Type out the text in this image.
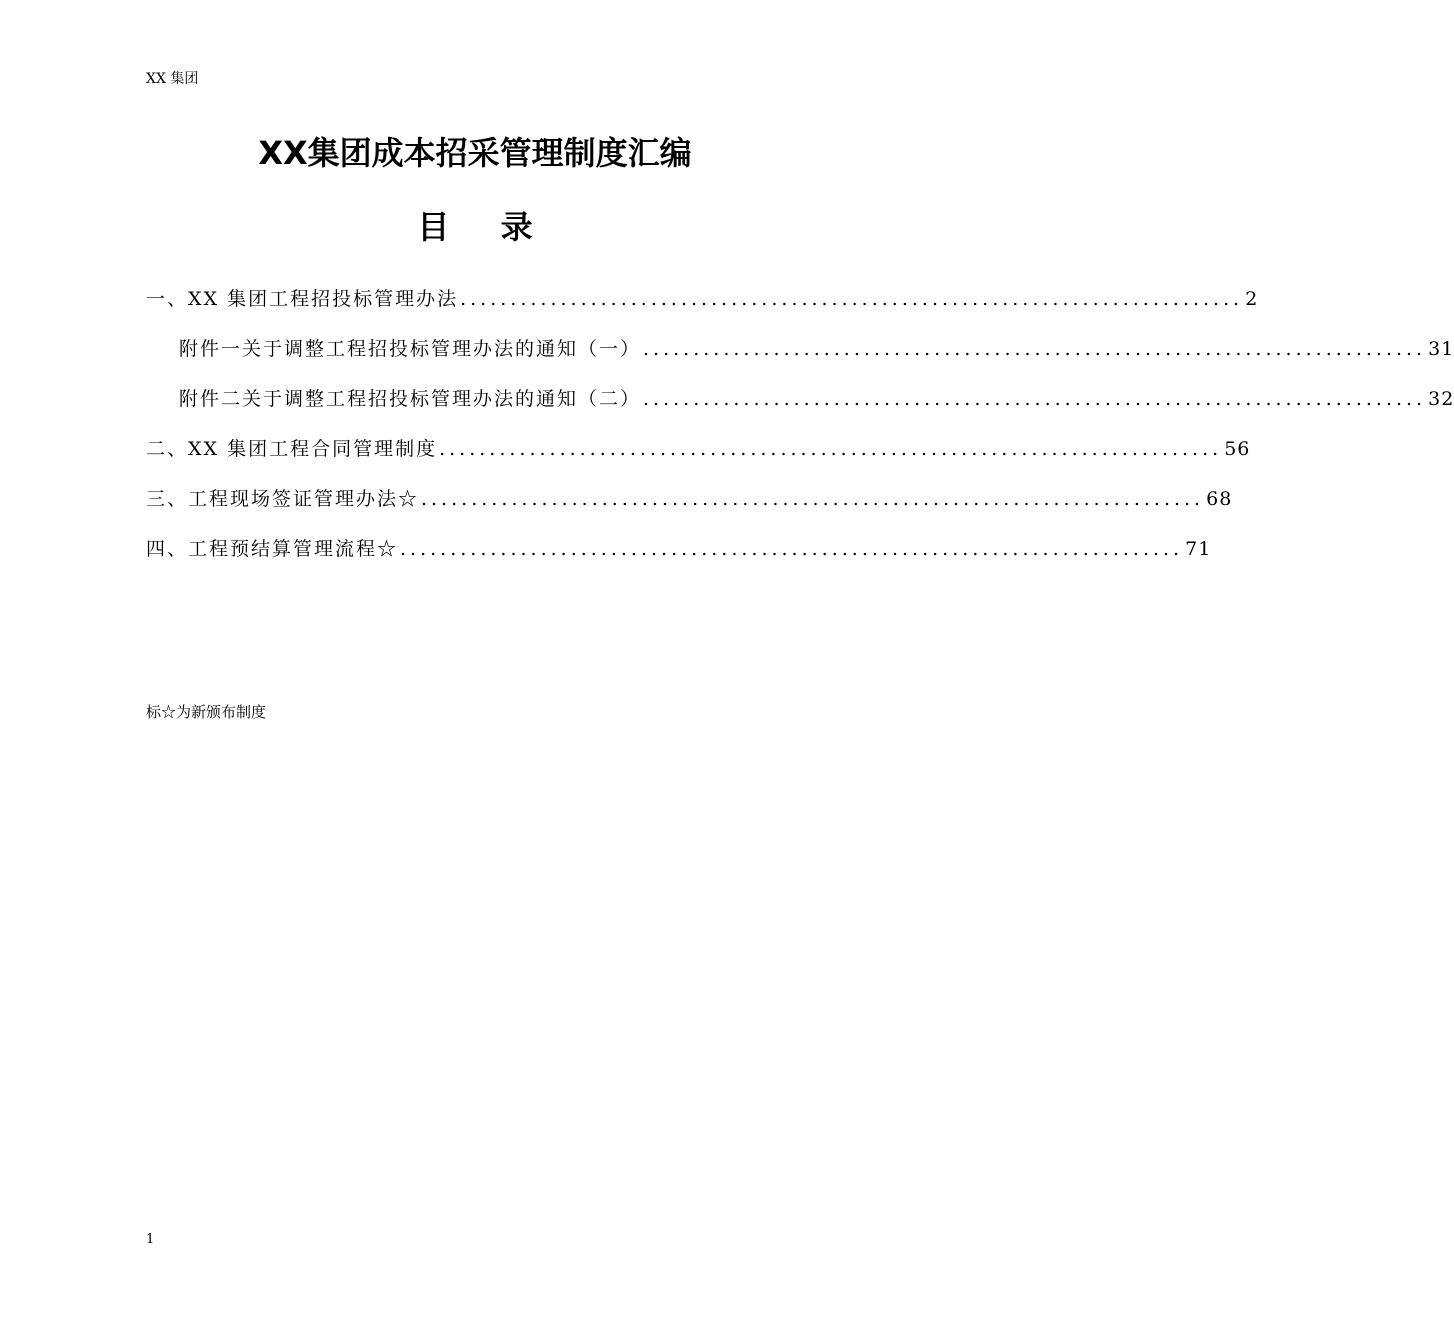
XX 集团
XX集团成本招采管理制度汇编
目 录
一、XX 集团工程招投标管理办法 .............................................................................. 2
附件一关于调整工程招投标管理办法的通知（一） .............................................................................. 31
附件二关于调整工程招投标管理办法的通知（二） .............................................................................. 32
二、XX 集团工程合同管理制度 .............................................................................. 56
三、工程现场签证管理办法☆ .............................................................................. 68
四、工程预结算管理流程☆ .............................................................................. 71
标☆为新颁布制度
1
